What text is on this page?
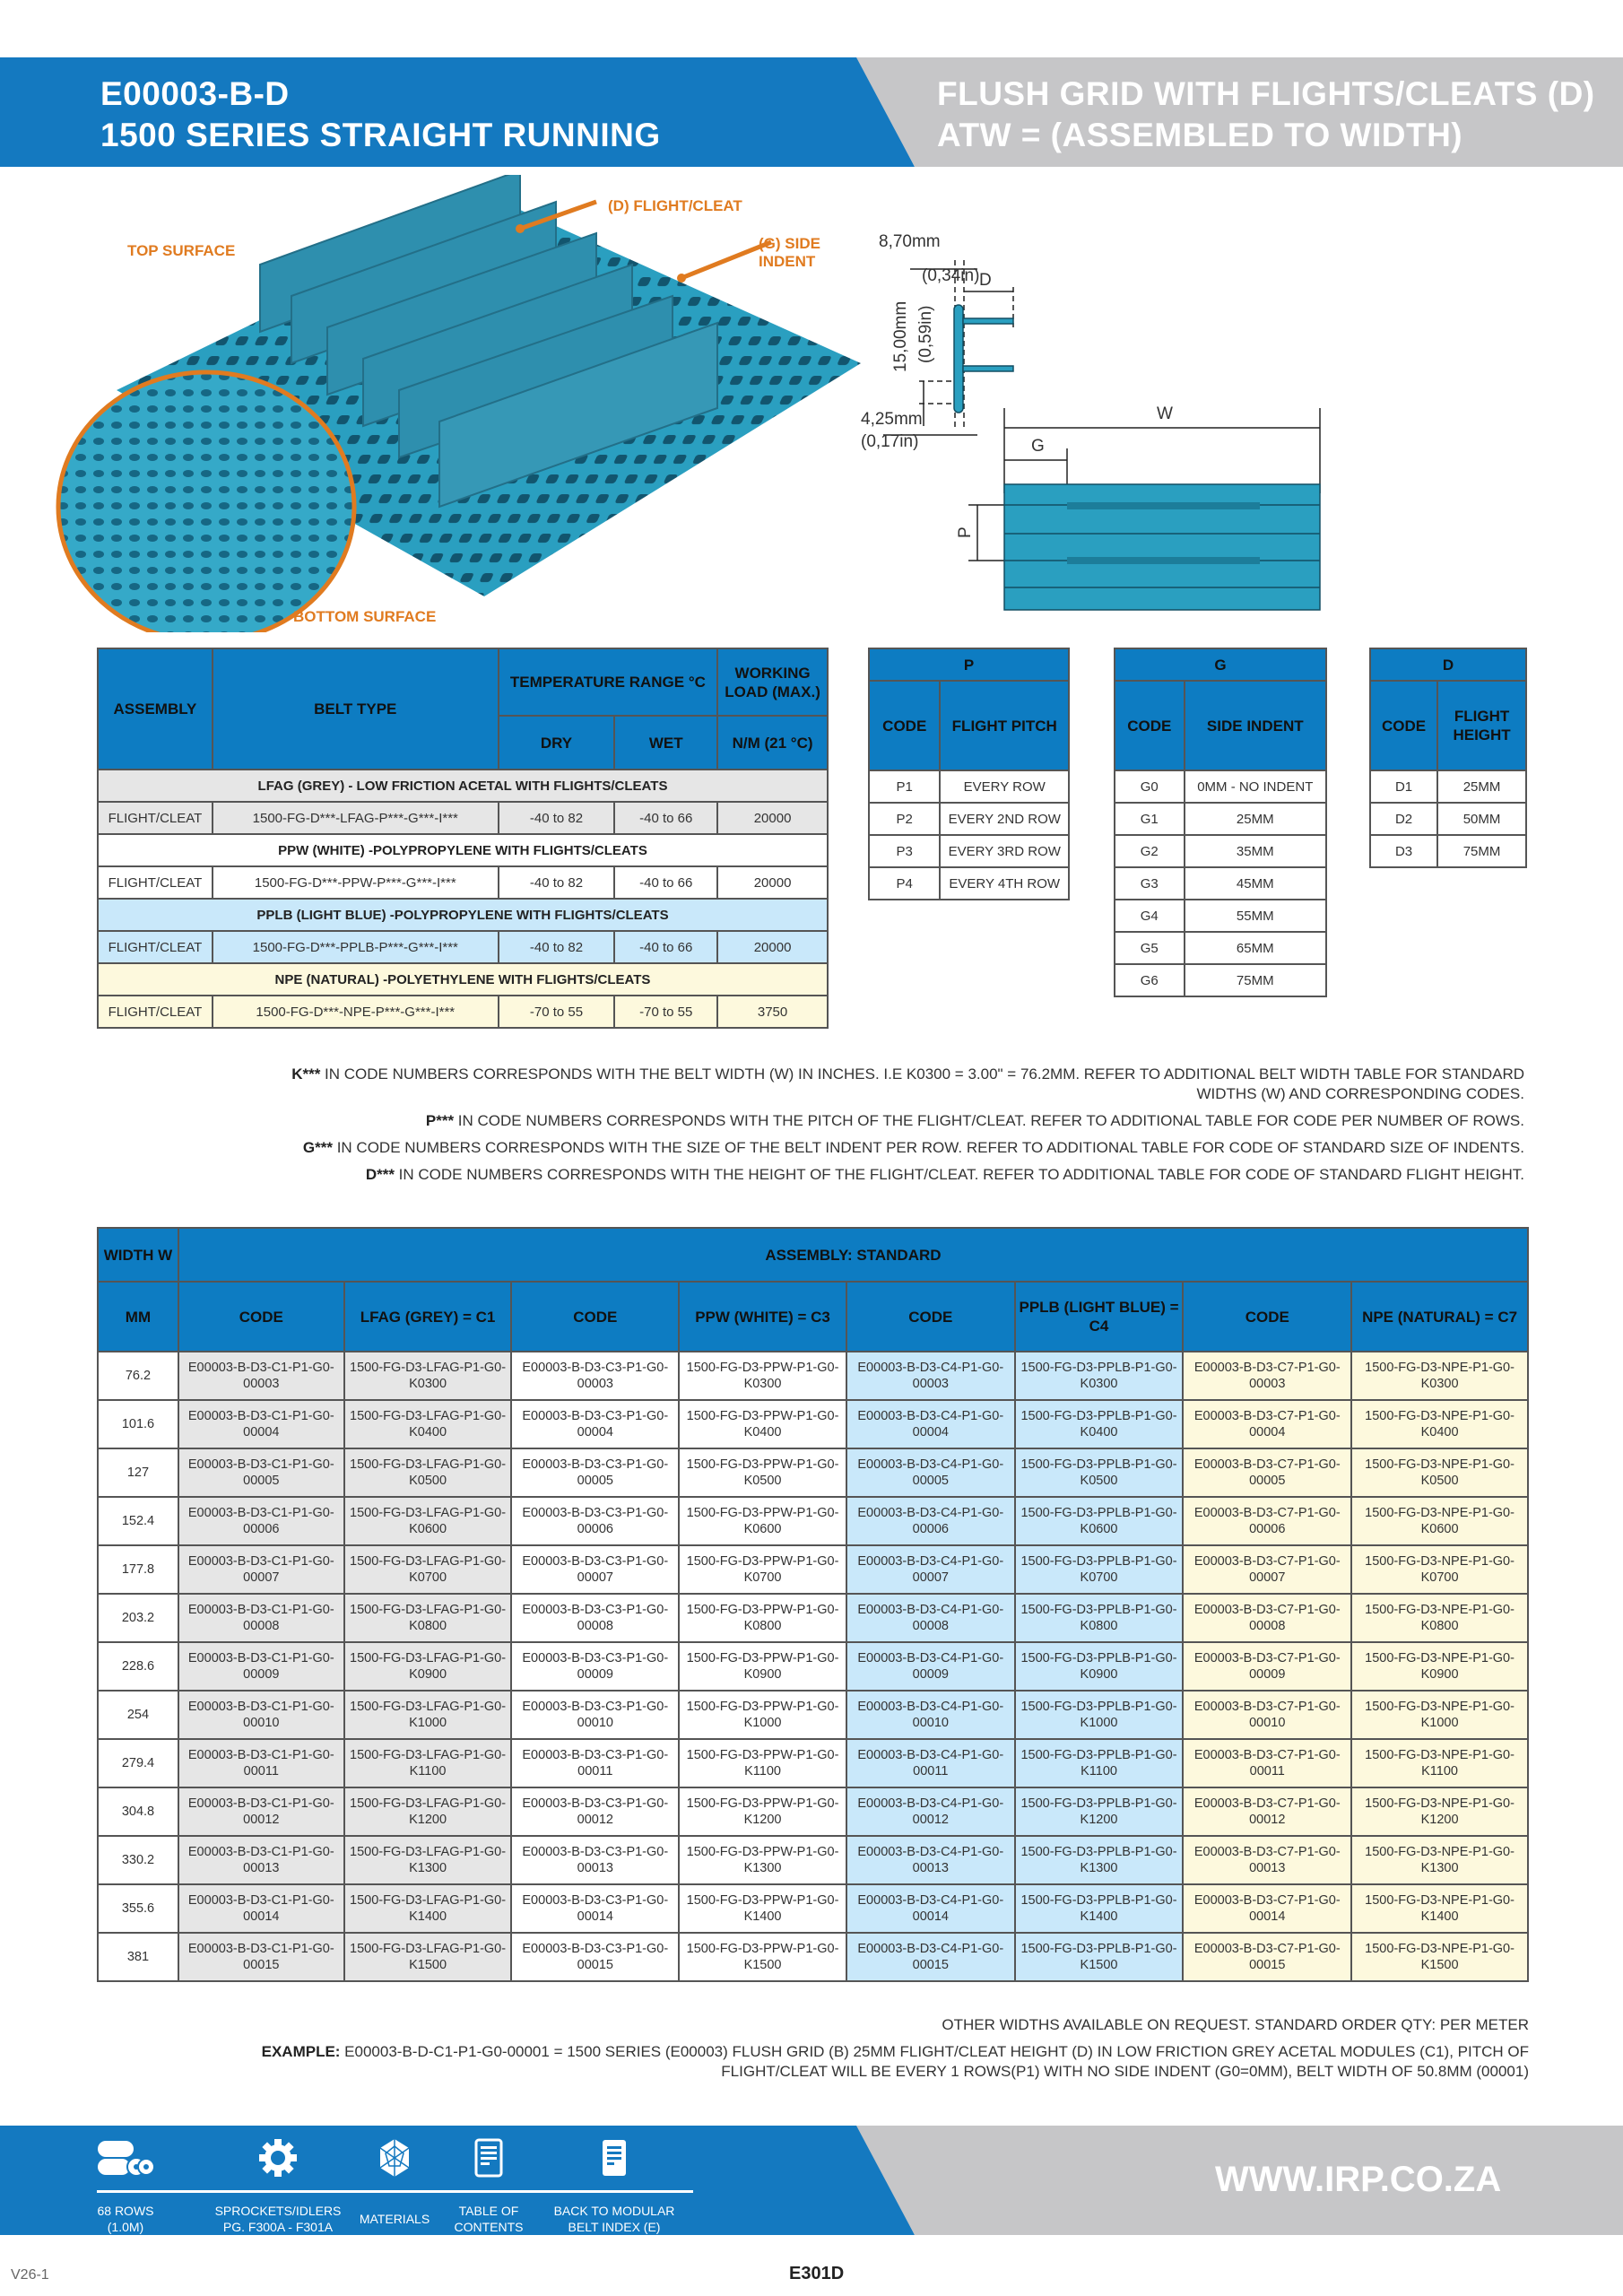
E00003-B-D
1500 SERIES STRAIGHT RUNNING
FLUSH GRID WITH FLIGHTS/CLEATS (D)
ATW = (ASSEMBLED TO WIDTH)
TOP SURFACE
BOTTOM SURFACE
(D) FLIGHT/CLEAT
(G) SIDE INDENT
8,70mm
(0,34in) D
4,25mm
(0,17in)
15,00mm (0,59in)
W
G
P
ASSEMBLY	BELT TYPE	TEMPERATURE RANGE °C		WORKING LOAD (MAX.)
		DRY	WET	N/M (21 °C)
LFAG (GREY) - LOW FRICTION ACETAL WITH FLIGHTS/CLEATS				
FLIGHT/CLEAT	1500-FG-D***-LFAG-P***-G***-I***	-40 to 82	-40 to 66	20000
PPW (WHITE) -POLYPROPYLENE WITH FLIGHTS/CLEATS				
FLIGHT/CLEAT	1500-FG-D***-PPW-P***-G***-I***	-40 to 82	-40 to 66	20000
PPLB (LIGHT BLUE) -POLYPROPYLENE WITH FLIGHTS/CLEATS				
FLIGHT/CLEAT	1500-FG-D***-PPLB-P***-G***-I***	-40 to 82	-40 to 66	20000
NPE (NATURAL) -POLYETHYLENE WITH FLIGHTS/CLEATS				
FLIGHT/CLEAT	1500-FG-D***-NPE-P***-G***-I***	-70 to 55	-70 to 55	3750
P	
CODE	FLIGHT PITCH
P1	EVERY ROW
P2	EVERY 2ND ROW
P3	EVERY 3RD ROW
P4	EVERY 4TH ROW
G	
CODE	SIDE INDENT
G0	0MM - NO INDENT
G1	25MM
G2	35MM
G3	45MM
G4	55MM
G5	65MM
G6	75MM
D	
CODE	FLIGHT HEIGHT
D1	25MM
D2	50MM
D3	75MM

K*** IN CODE NUMBERS CORRESPONDS WITH THE BELT WIDTH (W) IN INCHES. I.E K0300 = 3.00" = 76.2MM. REFER TO ADDITIONAL BELT WIDTH TABLE FOR STANDARD WIDTHS (W) AND CORRESPONDING CODES.

P*** IN CODE NUMBERS CORRESPONDS WITH THE PITCH OF THE FLIGHT/CLEAT. REFER TO ADDITIONAL TABLE FOR CODE PER NUMBER OF ROWS.

G*** IN CODE NUMBERS CORRESPONDS WITH THE SIZE OF THE BELT INDENT PER ROW. REFER TO ADDITIONAL TABLE FOR CODE OF STANDARD SIZE OF INDENTS.

D*** IN CODE NUMBERS CORRESPONDS WITH THE HEIGHT OF THE FLIGHT/CLEAT. REFER TO ADDITIONAL TABLE FOR CODE OF STANDARD FLIGHT HEIGHT.

WIDTH W	ASSEMBLY: STANDARD							
MM	CODE	LFAG (GREY) = C1	CODE	PPW (WHITE) = C3	CODE	PPLB (LIGHT BLUE) = C4	CODE	NPE (NATURAL) = C7
76.2	E00003-B-D3-C1-P1-G0-00003	1500-FG-D3-LFAG-P1-G0-K0300	E00003-B-D3-C3-P1-G0-00003	1500-FG-D3-PPW-P1-G0-K0300	E00003-B-D3-C4-P1-G0-00003	1500-FG-D3-PPLB-P1-G0-K0300	E00003-B-D3-C7-P1-G0-00003	1500-FG-D3-NPE-P1-G0-K0300
101.6	E00003-B-D3-C1-P1-G0-00004	1500-FG-D3-LFAG-P1-G0-K0400	E00003-B-D3-C3-P1-G0-00004	1500-FG-D3-PPW-P1-G0-K0400	E00003-B-D3-C4-P1-G0-00004	1500-FG-D3-PPLB-P1-G0-K0400	E00003-B-D3-C7-P1-G0-00004	1500-FG-D3-NPE-P1-G0-K0400
127	E00003-B-D3-C1-P1-G0-00005	1500-FG-D3-LFAG-P1-G0-K0500	E00003-B-D3-C3-P1-G0-00005	1500-FG-D3-PPW-P1-G0-K0500	E00003-B-D3-C4-P1-G0-00005	1500-FG-D3-PPLB-P1-G0-K0500	E00003-B-D3-C7-P1-G0-00005	1500-FG-D3-NPE-P1-G0-K0500
152.4	E00003-B-D3-C1-P1-G0-00006	1500-FG-D3-LFAG-P1-G0-K0600	E00003-B-D3-C3-P1-G0-00006	1500-FG-D3-PPW-P1-G0-K0600	E00003-B-D3-C4-P1-G0-00006	1500-FG-D3-PPLB-P1-G0-K0600	E00003-B-D3-C7-P1-G0-00006	1500-FG-D3-NPE-P1-G0-K0600
177.8	E00003-B-D3-C1-P1-G0-00007	1500-FG-D3-LFAG-P1-G0-K0700	E00003-B-D3-C3-P1-G0-00007	1500-FG-D3-PPW-P1-G0-K0700	E00003-B-D3-C4-P1-G0-00007	1500-FG-D3-PPLB-P1-G0-K0700	E00003-B-D3-C7-P1-G0-00007	1500-FG-D3-NPE-P1-G0-K0700
203.2	E00003-B-D3-C1-P1-G0-00008	1500-FG-D3-LFAG-P1-G0-K0800	E00003-B-D3-C3-P1-G0-00008	1500-FG-D3-PPW-P1-G0-K0800	E00003-B-D3-C4-P1-G0-00008	1500-FG-D3-PPLB-P1-G0-K0800	E00003-B-D3-C7-P1-G0-00008	1500-FG-D3-NPE-P1-G0-K0800
228.6	E00003-B-D3-C1-P1-G0-00009	1500-FG-D3-LFAG-P1-G0-K0900	E00003-B-D3-C3-P1-G0-00009	1500-FG-D3-PPW-P1-G0-K0900	E00003-B-D3-C4-P1-G0-00009	1500-FG-D3-PPLB-P1-G0-K0900	E00003-B-D3-C7-P1-G0-00009	1500-FG-D3-NPE-P1-G0-K0900
254	E00003-B-D3-C1-P1-G0-00010	1500-FG-D3-LFAG-P1-G0-K1000	E00003-B-D3-C3-P1-G0-00010	1500-FG-D3-PPW-P1-G0-K1000	E00003-B-D3-C4-P1-G0-00010	1500-FG-D3-PPLB-P1-G0-K1000	E00003-B-D3-C7-P1-G0-00010	1500-FG-D3-NPE-P1-G0-K1000
279.4	E00003-B-D3-C1-P1-G0-00011	1500-FG-D3-LFAG-P1-G0-K1100	E00003-B-D3-C3-P1-G0-00011	1500-FG-D3-PPW-P1-G0-K1100	E00003-B-D3-C4-P1-G0-00011	1500-FG-D3-PPLB-P1-G0-K1100	E00003-B-D3-C7-P1-G0-00011	1500-FG-D3-NPE-P1-G0-K1100
304.8	E00003-B-D3-C1-P1-G0-00012	1500-FG-D3-LFAG-P1-G0-K1200	E00003-B-D3-C3-P1-G0-00012	1500-FG-D3-PPW-P1-G0-K1200	E00003-B-D3-C4-P1-G0-00012	1500-FG-D3-PPLB-P1-G0-K1200	E00003-B-D3-C7-P1-G0-00012	1500-FG-D3-NPE-P1-G0-K1200
330.2	E00003-B-D3-C1-P1-G0-00013	1500-FG-D3-LFAG-P1-G0-K1300	E00003-B-D3-C3-P1-G0-00013	1500-FG-D3-PPW-P1-G0-K1300	E00003-B-D3-C4-P1-G0-00013	1500-FG-D3-PPLB-P1-G0-K1300	E00003-B-D3-C7-P1-G0-00013	1500-FG-D3-NPE-P1-G0-K1300
355.6	E00003-B-D3-C1-P1-G0-00014	1500-FG-D3-LFAG-P1-G0-K1400	E00003-B-D3-C3-P1-G0-00014	1500-FG-D3-PPW-P1-G0-K1400	E00003-B-D3-C4-P1-G0-00014	1500-FG-D3-PPLB-P1-G0-K1400	E00003-B-D3-C7-P1-G0-00014	1500-FG-D3-NPE-P1-G0-K1400
381	E00003-B-D3-C1-P1-G0-00015	1500-FG-D3-LFAG-P1-G0-K1500	E00003-B-D3-C3-P1-G0-00015	1500-FG-D3-PPW-P1-G0-K1500	E00003-B-D3-C4-P1-G0-00015	1500-FG-D3-PPLB-P1-G0-K1500	E00003-B-D3-C7-P1-G0-00015	1500-FG-D3-NPE-P1-G0-K1500

OTHER WIDTHS AVAILABLE ON REQUEST. STANDARD ORDER QTY: PER METER

EXAMPLE: E00003-B-D-C1-P1-G0-00001 = 1500 SERIES (E00003) FLUSH GRID (B) 25MM FLIGHT/CLEAT HEIGHT (D) IN LOW FRICTION GREY ACETAL MODULES (C1), PITCH OF FLIGHT/CLEAT WILL BE EVERY 1 ROWS(P1) WITH NO SIDE INDENT (G0=0MM), BELT WIDTH OF 50.8MM (00001)

68 ROWS
(1.0M)
SPROCKETS/IDLERS
PG. F300A - F301A
MATERIALS
TABLE OF
CONTENTS
BACK TO MODULAR
BELT INDEX (E)
WWW.IRP.CO.ZA
V26-1	E301D
